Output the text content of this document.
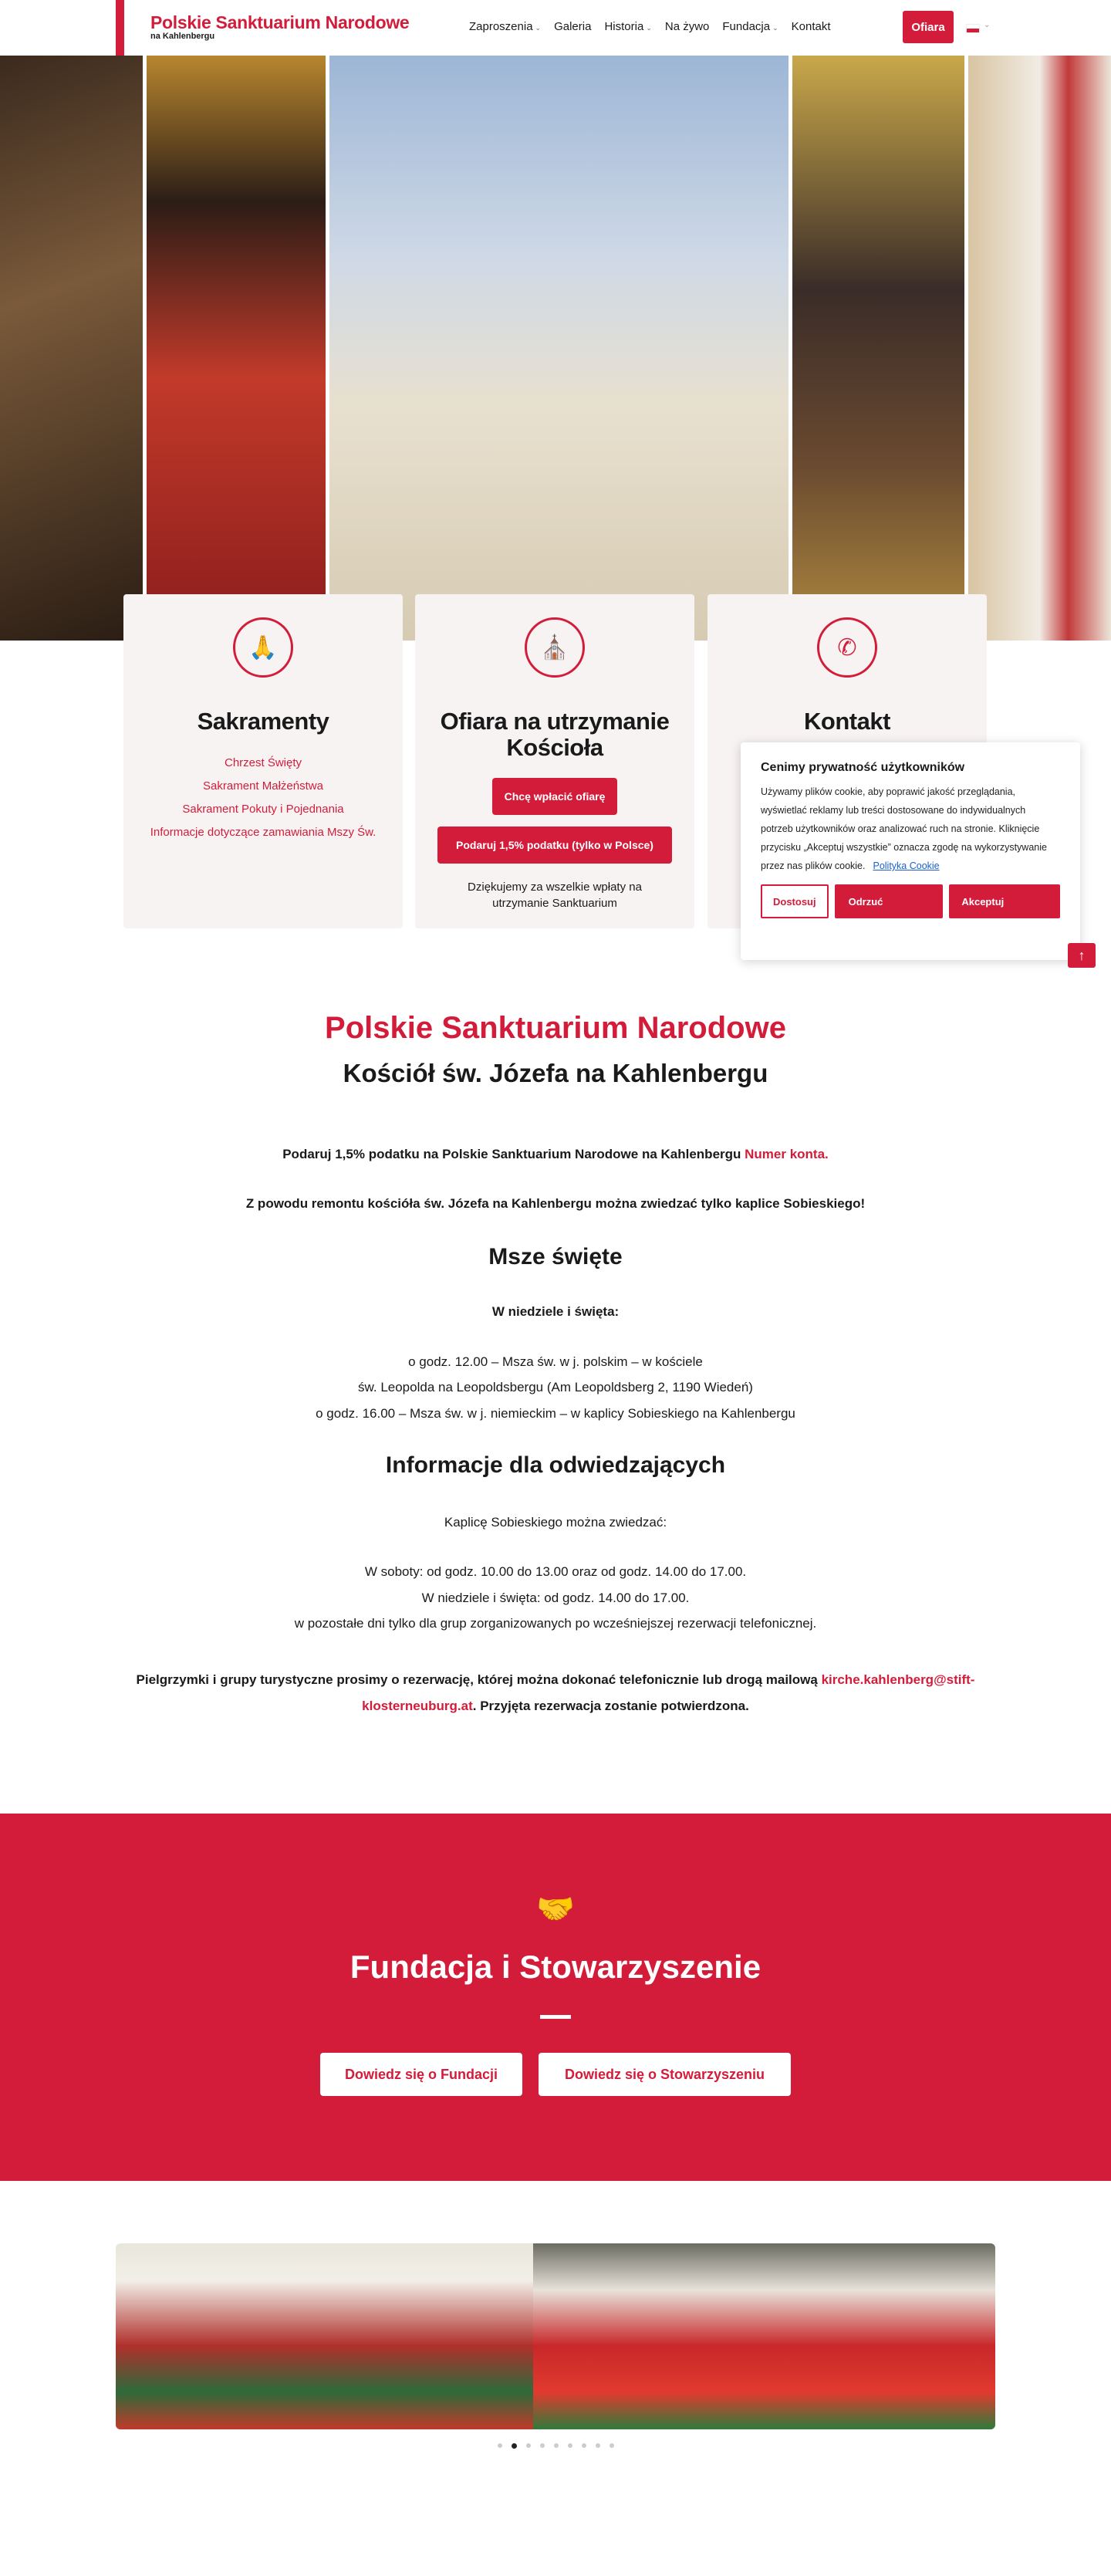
Polskie Sanktuarium Narodowe
na Kahlenbergu
Zaproszenia ⌄ Galeria Historia ⌄ Na żywo Fundacja ⌄ Kontakt	Ofiara	⌄
🙏
Sakramenty
Chrzest Święty
Sakrament Małżeństwa
Sakrament Pokuty i Pojednania
Informacje dotyczące zamawiania Mszy Św.
⛪
Ofiara na utrzymanie Kościoła
Chcę wpłacić ofiarę
Podaruj 1,5% podatku (tylko w Polsce)

Dziękujemy za wszelkie wpłaty na utrzymanie Sanktuarium

✆
Kontakt
Cenimy prywatność użytkowników

Używamy plików cookie, aby poprawić jakość przeglądania, wyświetlać reklamy lub treści dostosowane do indywidualnych potrzeb użytkowników oraz analizować ruch na stronie. Kliknięcie przycisku „Akceptuj wszystkie” oznacza zgodę na wykorzystywanie przez nas plików cookie. Polityka Cookie

Dostosuj	Odrzuć wszystkie
Akceptuj wszystko
↑
Polskie Sanktuarium Narodowe
Kościół św. Józefa na Kahlenbergu
Podaruj 1,5% podatku na Polskie Sanktuarium Narodowe na Kahlenbergu Numer konta.
Z powodu remontu kościóła św. Józefa na Kahlenbergu można zwiedzać tylko kaplice Sobieskiego!
Msze święte
W niedziele i święta:
o godz. 12.00 – Msza św. w j. polskim – w kościele
św. Leopolda na Leopoldsbergu (Am Leopoldsberg 2, 1190 Wiedeń)
o godz. 16.00 – Msza św. w j. niemieckim – w kaplicy Sobieskiego na Kahlenbergu
Informacje dla odwiedzających
Kaplicę Sobieskiego można zwiedzać:
W soboty: od godz. 10.00 do 13.00 oraz od godz. 14.00 do 17.00.
W niedziele i święta: od godz. 14.00 do 17.00.
w pozostałe dni tylko dla grup zorganizowanych po wcześniejszej rezerwacji telefonicznej.
Pielgrzymki i grupy turystyczne prosimy o rezerwację, której można dokonać telefonicznie lub drogą mailową kirche.kahlenberg@stift-klosterneuburg.at. Przyjęta rezerwacja zostanie potwierdzona.
🤝
Fundacja i Stowarzyszenie
Dowiedz się o Fundacji	Dowiedz się o Stowarzyszeniu
